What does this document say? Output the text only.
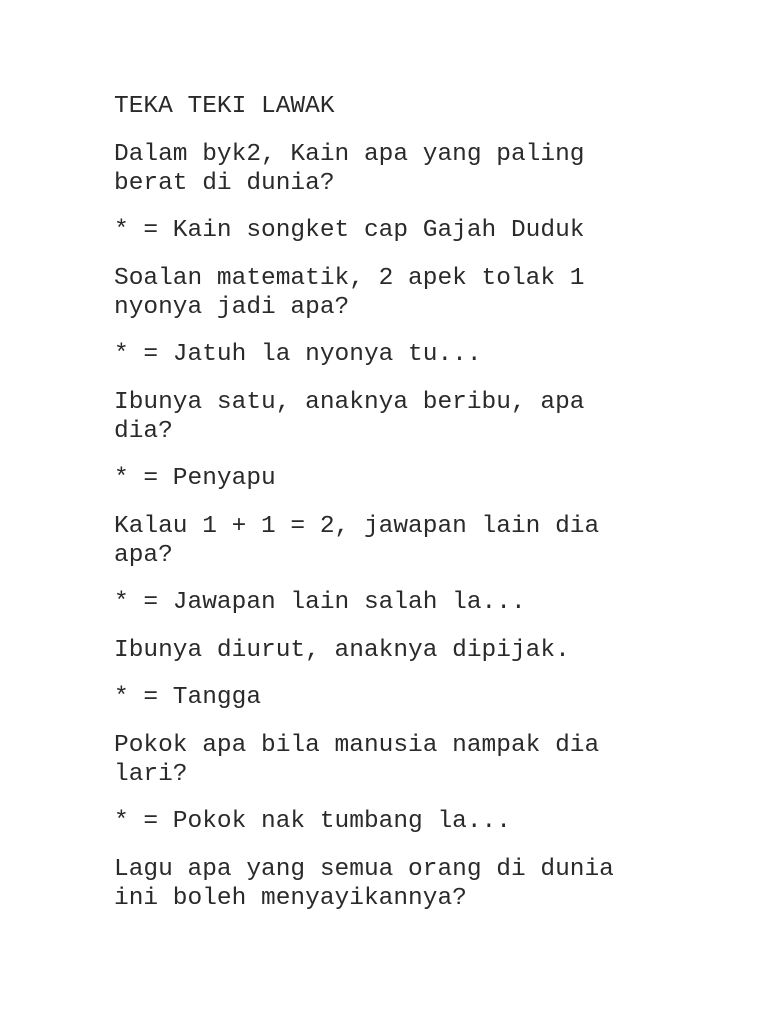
TEKA TEKI LAWAK
Dalam byk2, Kain apa yang paling
berat di dunia?
* = Kain songket cap Gajah Duduk
Soalan matematik, 2 apek tolak 1
nyonya jadi apa?
* = Jatuh la nyonya tu...
Ibunya satu, anaknya beribu, apa
dia?
* = Penyapu
Kalau 1 + 1 = 2, jawapan lain dia
apa?
* = Jawapan lain salah la...
Ibunya diurut, anaknya dipijak.
* = Tangga
Pokok apa bila manusia nampak dia
lari?
* = Pokok nak tumbang la...
Lagu apa yang semua orang di dunia
ini boleh menyayikannya?
